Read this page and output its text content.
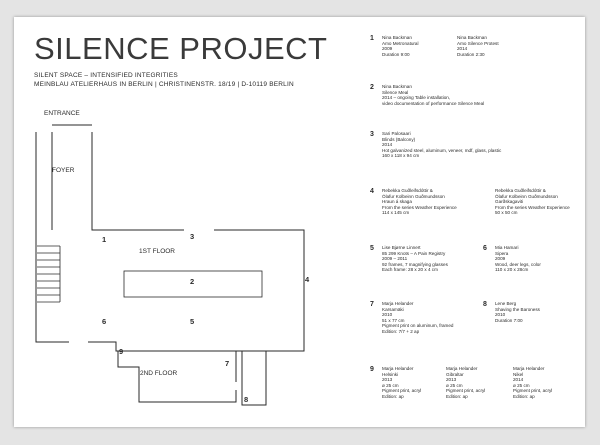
SILENCE PROJECT
SILENT SPACE – INTENSIFIED INTEGRITIES
MEINBLAU ATELIERHAUS IN BERLIN | CHRISTINENSTR. 18/19 | D-10119 BERLIN
ENTRANCE
FOYER
1ST FLOOR
2ND FLOOR
1
2
3
4
5
6
7
8
9
1 Nina Backman
Amo Metronatural
2009
Duration 9:00
Nina Backman
Amo Silence Protest
2014
Duration 2:30
2 Nina Backman
Silence Meal
2014 – ongoing Table installation,
video documentation of performance Silence Meal
3 Sari Palosaari
Blinds (Balcony)
2014
Hot galvanized steel, aluminum, veneer, mdf, glass, plastic
160 x 118 x 94 cm
4 Rebekka Guðleifsdóttir &
Ólafur Kolbeinn Guðmundsson
Hraun á skaga
From the series Weather Experience
114 x 145 cm
Rebekka Guðleifsdóttir &
Ólafur Kolbeinn Guðmundsson
Garðskagaviti
From the series Weather Experience
50 x 50 cm
5 Lise Bjørne Linnert
85 299 Knots – A Pain Registry
2009 – 2011
92 frames, 7 magnifying glasses
Each frame: 28 x 20 x 4 cm
6 Mia Hamari
Sipera
2009
Wood, deer legs, color
110 x 20 x 28cm
7 Marja Helander
Karsamäki
2010
51 x 77 cm
Pigment print on aluminum, framed
Edition: 7/7 + 2 ap
8 Lene Berg
Shaving the Baroness
2010
Duration 7:00
9 Marja Helander
Helsinki
2013
ø 25 cm
Pigment print, acryl
Edition: ap
Marja Helander
Gibraltar
2013
ø 25 cm
Pigment print, acryl
Edition: ap
Marja Helander
Nikel
2014
ø 25 cm
Pigment print, acryl
Edition: ap
